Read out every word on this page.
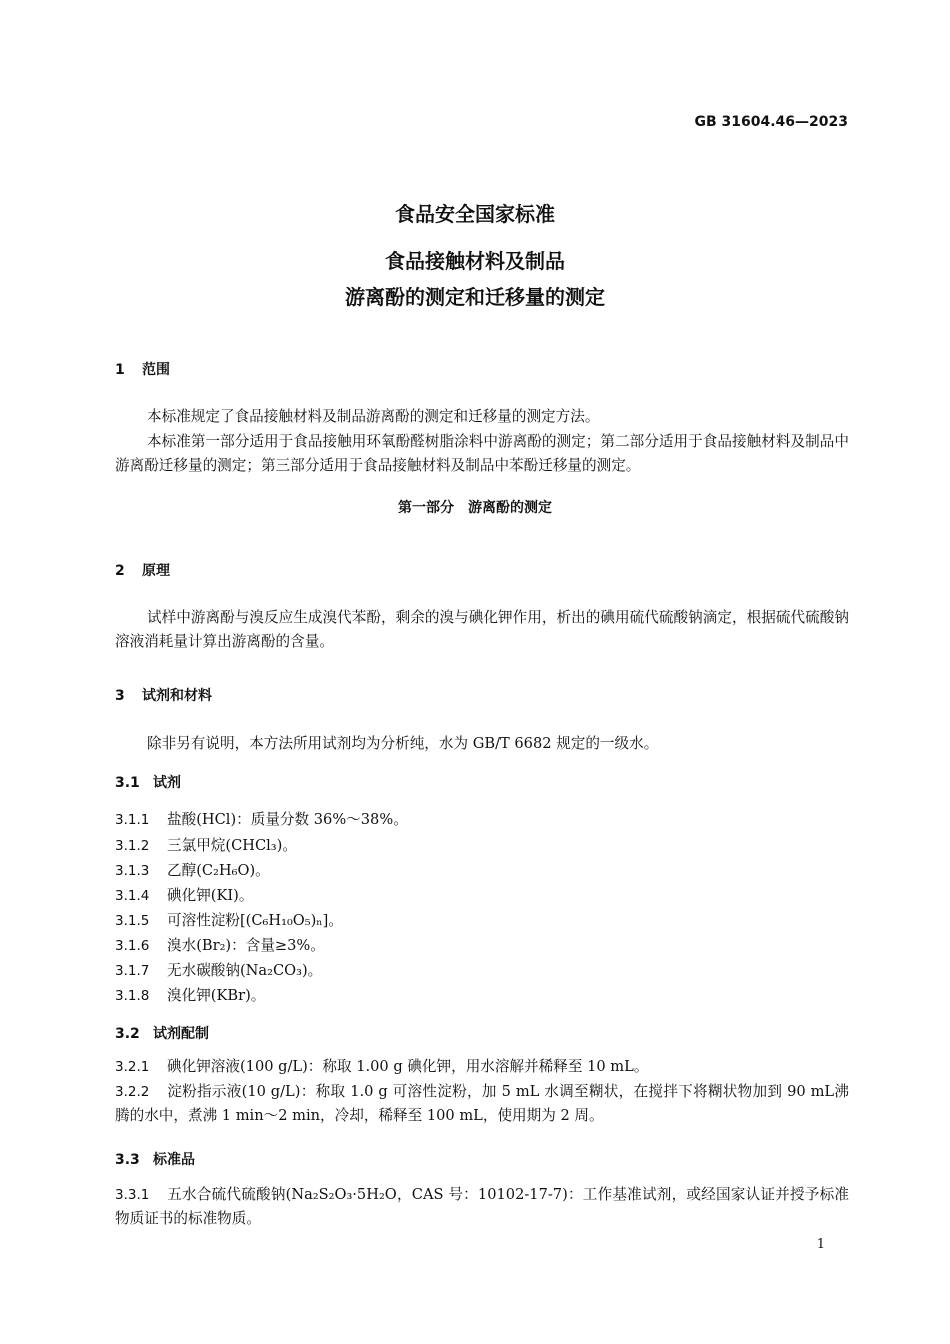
GB 31604.46—2023
食品安全国家标准
食品接触材料及制品
游离酚的测定和迁移量的测定
1 范围
本标准规定了食品接触材料及制品游离酚的测定和迁移量的测定方法。
本标准第一部分适用于食品接触用环氧酚醛树脂涂料中游离酚的测定；第二部分适用于食品接触材料及制品中游离酚迁移量的测定；第三部分适用于食品接触材料及制品中苯酚迁移量的测定。
第一部分　游离酚的测定
2 原理
试样中游离酚与溴反应生成溴代苯酚，剩余的溴与碘化钾作用，析出的碘用硫代硫酸钠滴定，根据硫代硫酸钠溶液消耗量计算出游离酚的含量。
3 试剂和材料
除非另有说明，本方法所用试剂均为分析纯，水为 GB/T 6682 规定的一级水。
3.1 试剂
3.1.1 盐酸(HCl)：质量分数 36%～38%。
3.1.2 三氯甲烷(CHCl₃)。
3.1.3 乙醇(C₂H₆O)。
3.1.4 碘化钾(KI)。
3.1.5 可溶性淀粉[(C₆H₁₀O₅)ₙ]。
3.1.6 溴水(Br₂)：含量≥3%。
3.1.7 无水碳酸钠(Na₂CO₃)。
3.1.8 溴化钾(KBr)。
3.2 试剂配制
3.2.1 碘化钾溶液(100 g/L)：称取 1.00 g 碘化钾，用水溶解并稀释至 10 mL。
3.2.2 淀粉指示液(10 g/L)：称取 1.0 g 可溶性淀粉，加 5 mL 水调至糊状，在搅拌下将糊状物加到 90 mL沸腾的水中，煮沸 1 min～2 min，冷却，稀释至 100 mL，使用期为 2 周。
3.3 标准品
3.3.1 五水合硫代硫酸钠(Na₂S₂O₃·5H₂O，CAS 号：10102-17-7)：工作基准试剂，或经国家认证并授予标准物质证书的标准物质。
1
